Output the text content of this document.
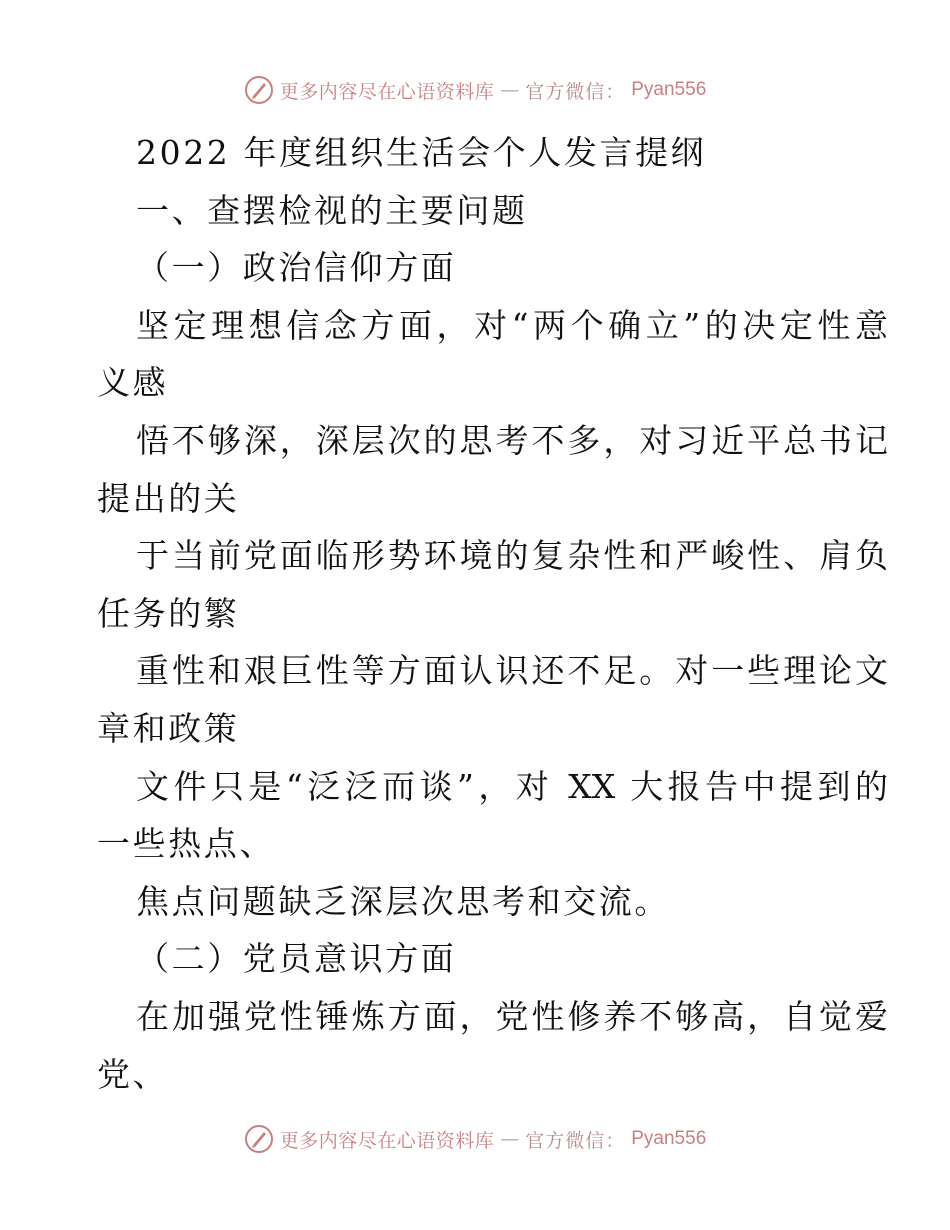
更多内容尽在心语资料库 — 官方微信： Pyan556
2022 年度组织生活会个人发言提纲
一、查摆检视的主要问题
（一）政治信仰方面
坚定理想信念方面，对“两个确立”的决定性意
义感
悟不够深，深层次的思考不多，对习近平总书记
提出的关
于当前党面临形势环境的复杂性和严峻性、肩负
任务的繁
重性和艰巨性等方面认识还不足。对一些理论文
章和政策
文件只是“泛泛而谈”，对 XX 大报告中提到的
一些热点、
焦点问题缺乏深层次思考和交流。
（二）党员意识方面
在加强党性锤炼方面，党性修养不够高，自觉爱
党、
更多内容尽在心语资料库 — 官方微信： Pyan556
